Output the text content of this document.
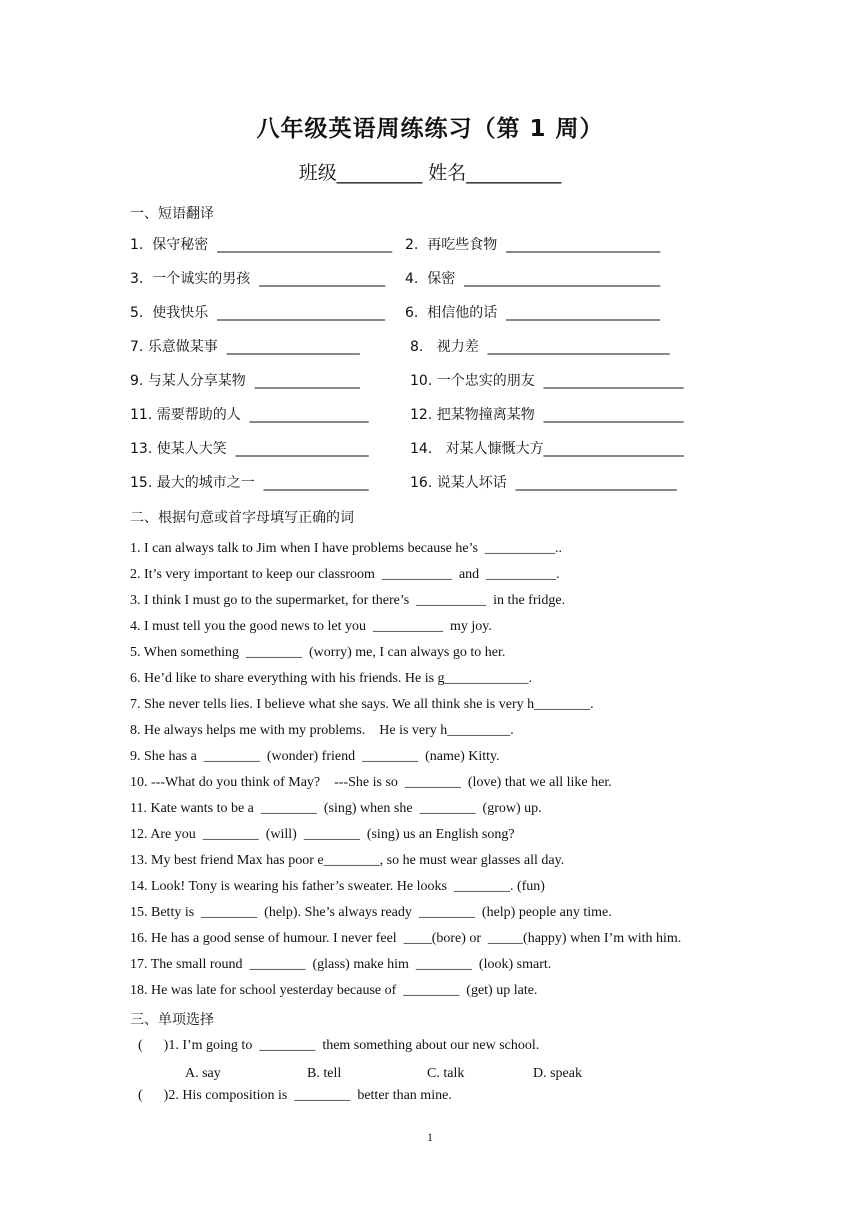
八年级英语周练练习（第 1 周）
班级_________ 姓名__________
一、短语翻译
1.  保守秘密  _________________________ 2.  再吃些食物  ______________________
3.  一个诚实的男孩  __________________ 4.  保密  ____________________________
5.  使我快乐  ________________________ 6.  相信他的话  ______________________
7. 乐意做某事  ___________________	8.   视力差  __________________________
9. 与某人分享某物  _______________	10. 一个忠实的朋友  ____________________
11. 需要帮助的人  _________________	12. 把某物撞离某物  ____________________
13. 使某人大笑  ___________________	14.   对某人慷慨大方____________________
15. 最大的城市之一  _______________	16. 说某人坏话  _______________________
二、根据句意或首字母填写正确的词
1. I can always talk to Jim when I have problems because he’s  __________..
2. It’s very important to keep our classroom  __________  and  __________.
3. I think I must go to the supermarket, for there’s  __________  in the fridge.
4. I must tell you the good news to let you  __________  my joy.
5. When something  ________  (worry) me, I can always go to her.
6. He’d like to share everything with his friends. He is g____________.
7. She never tells lies. I believe what she says. We all think she is very h________.
8. He always helps me with my problems.    He is very h_________.
9. She has a  ________  (wonder) friend  ________  (name) Kitty.
10. ---What do you think of May?    ---She is so  ________  (love) that we all like her.
11. Kate wants to be a  ________  (sing) when she  ________  (grow) up.
12. Are you  ________  (will)  ________  (sing) us an English song?
13. My best friend Max has poor e________, so he must wear glasses all day.
14. Look! Tony is wearing his father’s sweater. He looks  ________. (fun)
15. Betty is  ________  (help). She’s always ready  ________  (help) people any time.
16. He has a good sense of humour. I never feel  ____(bore) or  _____(happy) when I’m with him.
17. The small round  ________  (glass) make him  ________  (look) smart.
18. He was late for school yesterday because of  ________  (get) up late.
三、单项选择
(      )1. I’m going to  ________  them something about our new school.
A. say	B. tell	C. talk	D. speak
(      )2. His composition is  ________  better than mine.
1
